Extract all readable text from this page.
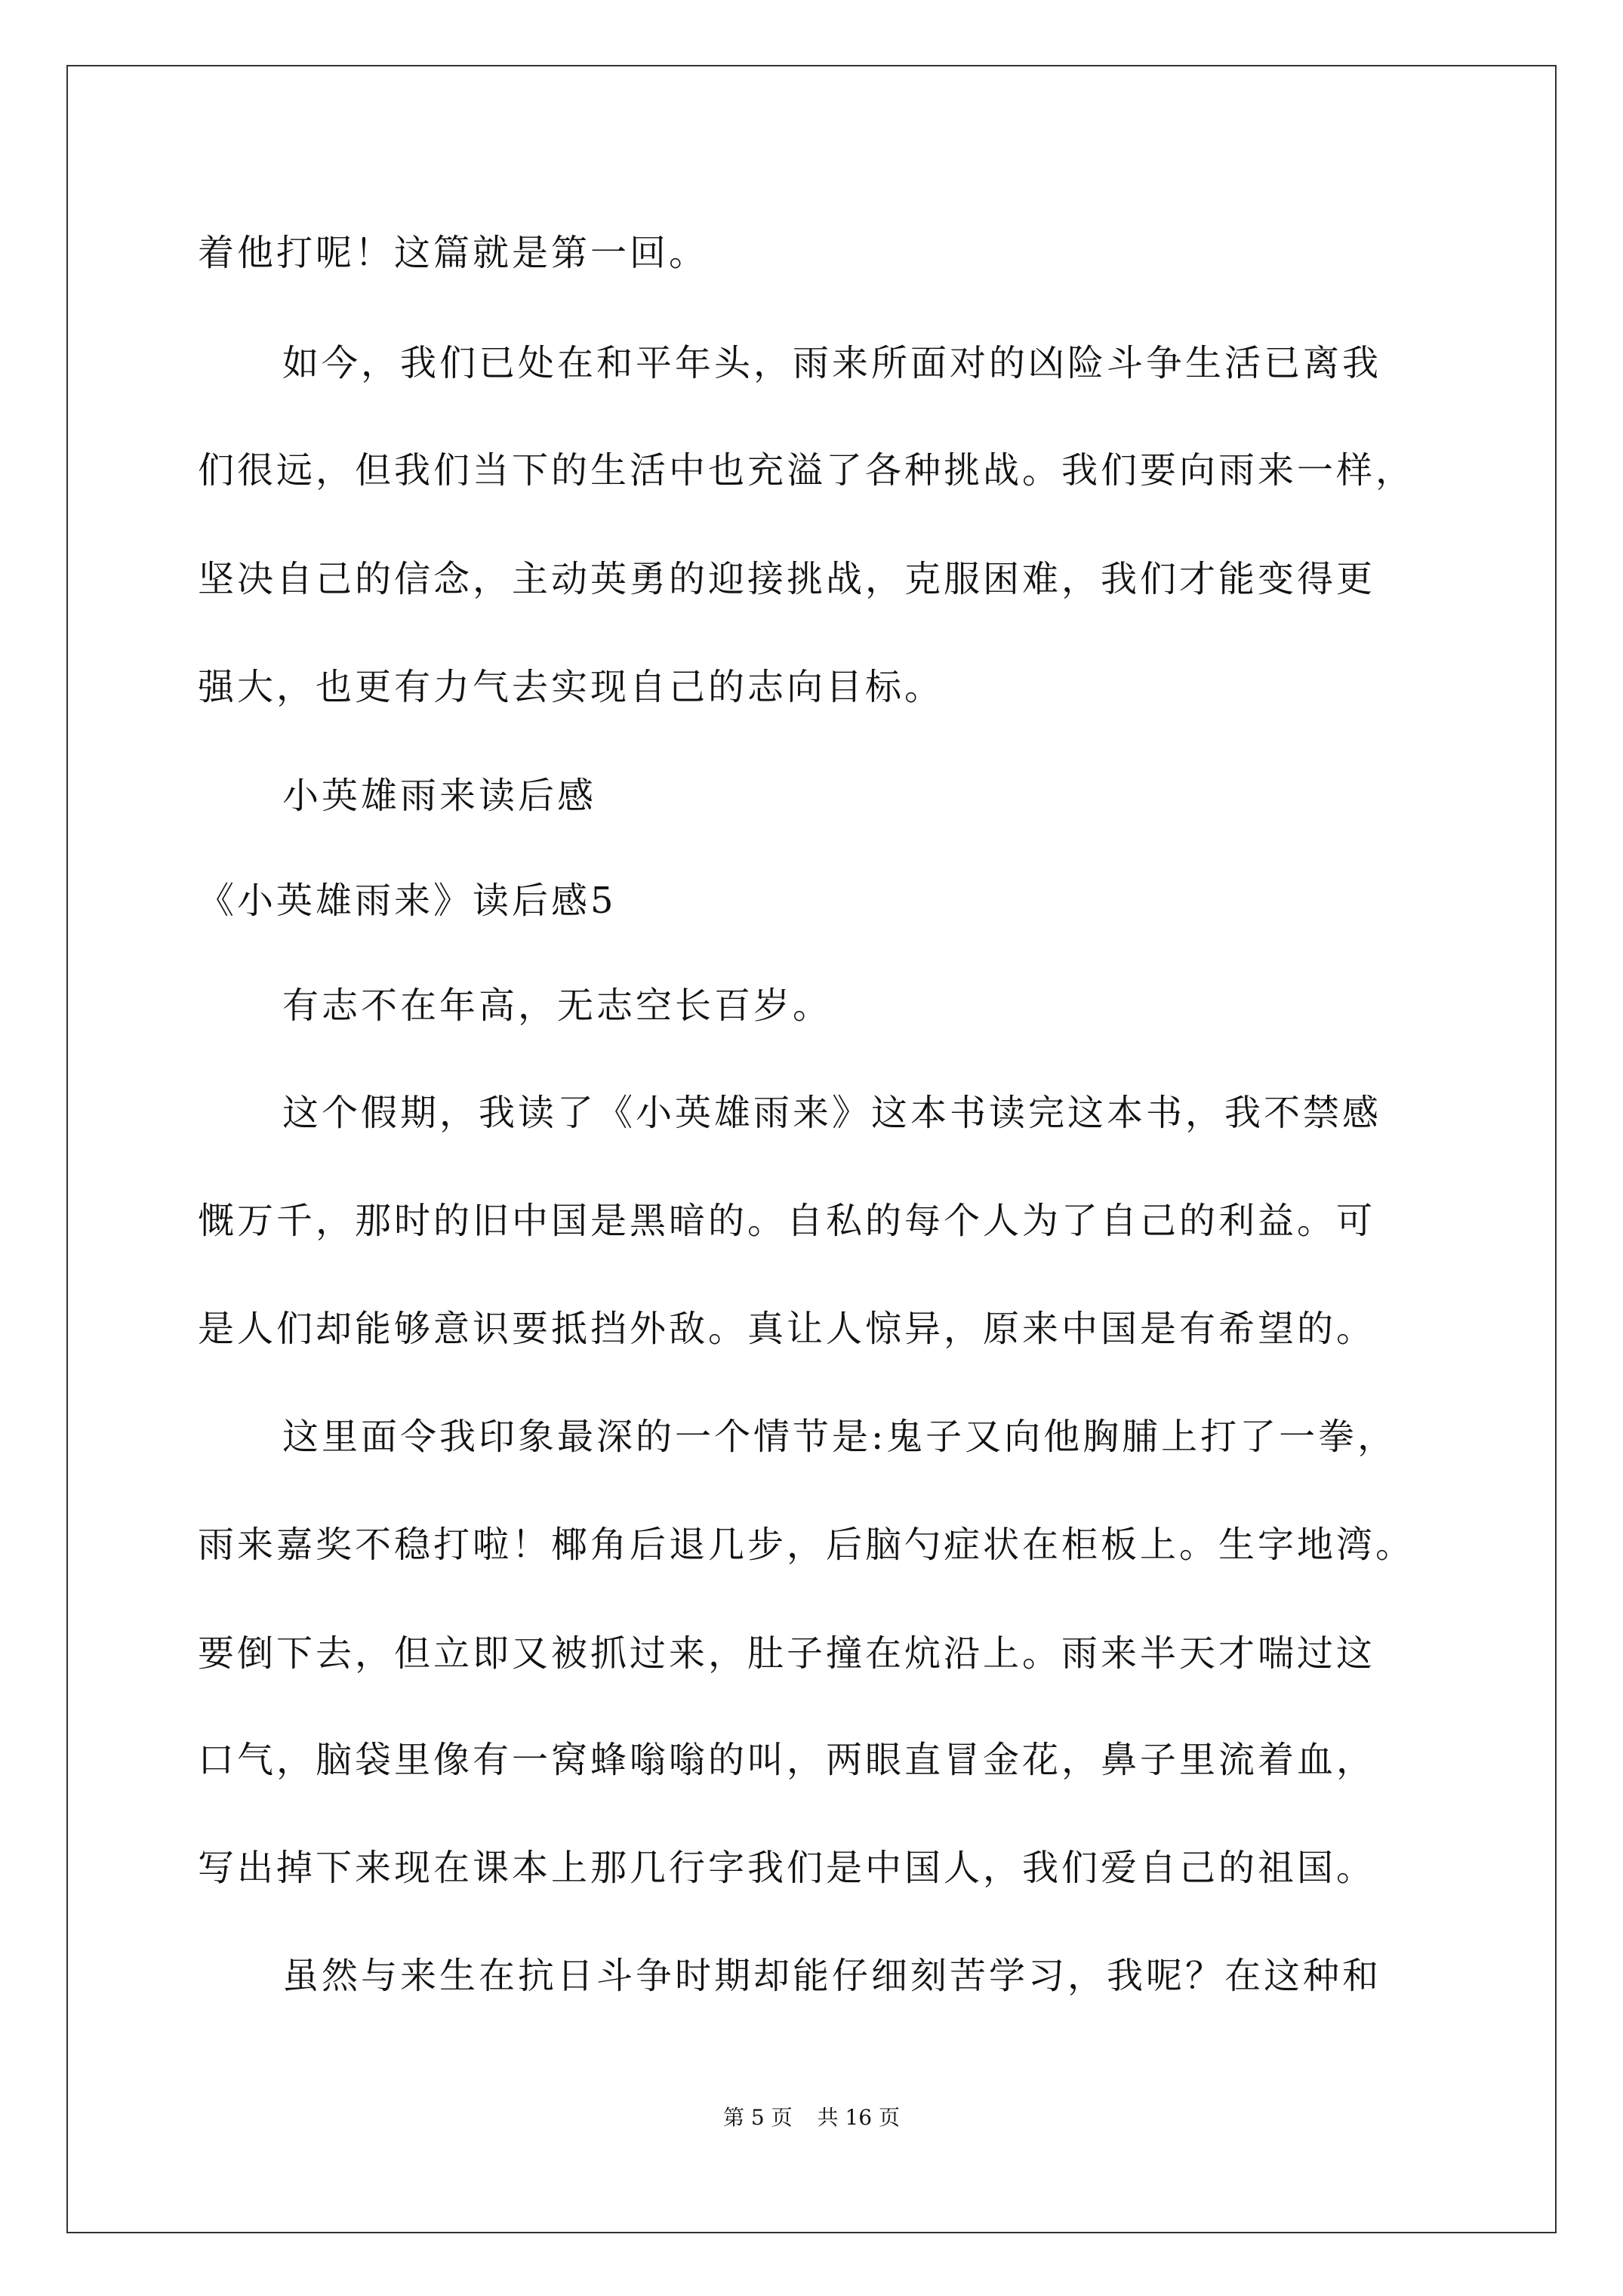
着他打呢！这篇就是第一回。
如今，我们已处在和平年头，雨来所面对的凶险斗争生活已离我
们很远，但我们当下的生活中也充溢了各种挑战。我们要向雨来一样，
坚决自己的信念，主动英勇的迎接挑战，克服困难，我们才能变得更
强大，也更有力气去实现自己的志向目标。
小英雄雨来读后感
《小英雄雨来》读后感5
有志不在年高，无志空长百岁。
这个假期，我读了《小英雄雨来》这本书读完这本书，我不禁感
慨万千，那时的旧中国是黑暗的。自私的每个人为了自己的利益。可
是人们却能够意识要抵挡外敌。真让人惊异，原来中国是有希望的。
这里面令我印象最深的一个情节是:鬼子又向他胸脯上打了一拳，
雨来嘉奖不稳打啦！椰角后退几步，后脑勺症状在柜板上。生字地湾。
要倒下去，但立即又被抓过来，肚子撞在炕沿上。雨来半天才喘过这
口气，脑袋里像有一窝蜂嗡嗡的叫，两眼直冒金花，鼻子里流着血，
写出掉下来现在课本上那几行字我们是中国人，我们爱自己的祖国。
虽然与来生在抗日斗争时期却能仔细刻苦学习，我呢？在这种和
第 5 页 共 16 页
